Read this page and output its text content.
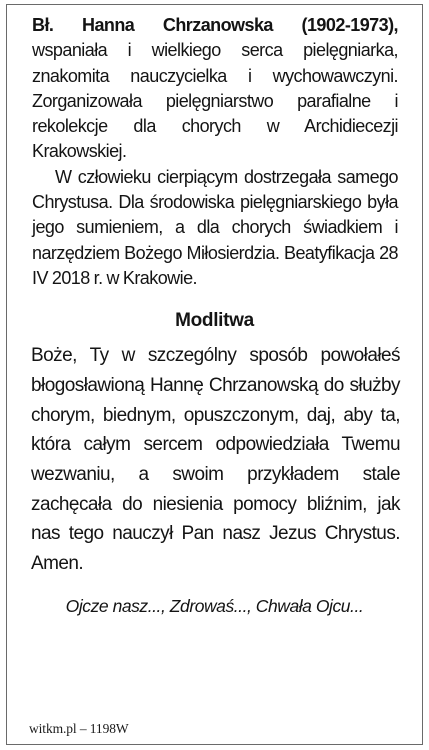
Bł. Hanna Chrzanowska (1902-1973), wspaniała i wielkiego serca pielęgniarka, znakomita nauczycielka i wychowawczyni. Zorganizowała pielęgniarstwo parafialne i rekolekcje dla chorych w Archidiecezji Krakowskiej.

W człowieku cierpiącym dostrzegała samego Chrystusa. Dla środowiska pielęgniarskiego była jego sumieniem, a dla chorych świadkiem i narzędziem Bożego Miłosierdzia. Beatyfikacja 28 IV 2018 r. w Krakowie.

Modlitwa

Boże, Ty w szczególny sposób powołałeś błogosławioną Hannę Chrzanowską do służby chorym, biednym, opuszczonym, daj, aby ta, która całym sercem odpowiedziała Twemu wezwaniu, a swoim przykładem stale zachęcała do niesienia pomocy bliźnim, jak nas tego nauczył Pan nasz Jezus Chrystus. Amen.

Ojcze nasz..., Zdrowaś..., Chwała Ojcu...
witkm.pl – 1198W
